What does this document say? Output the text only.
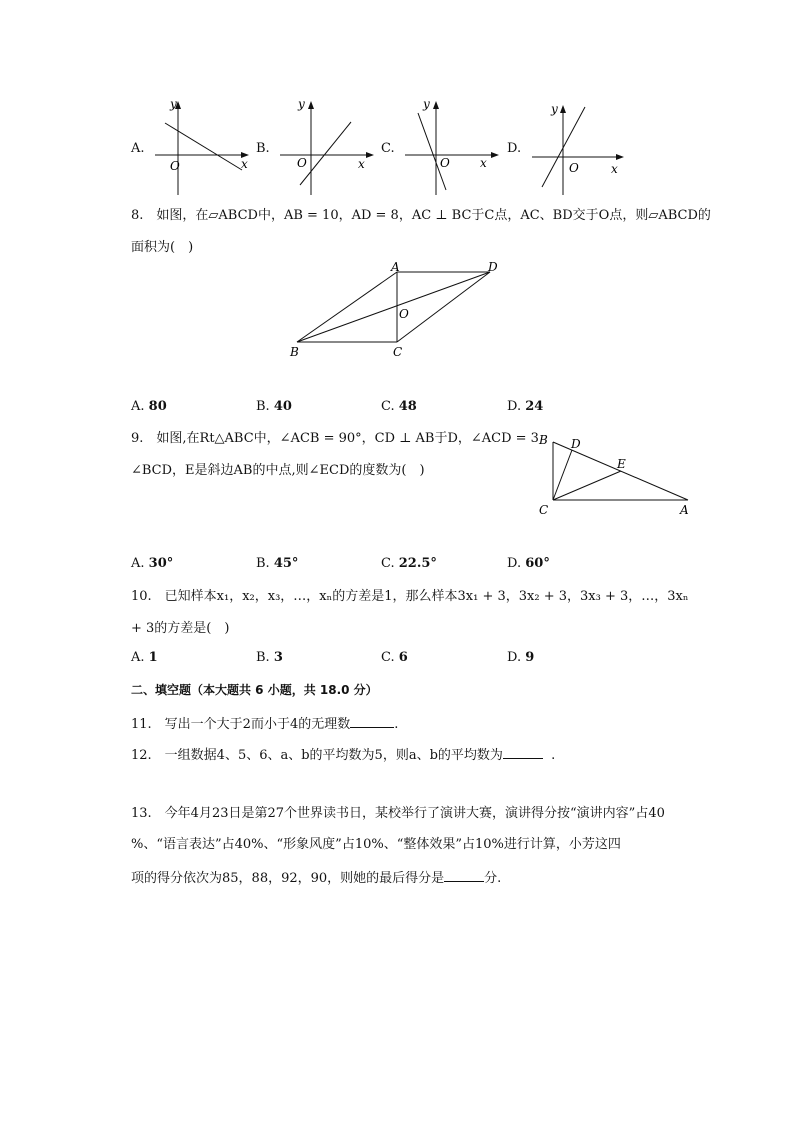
A.
y
x
O
B.
y
x
O
C.
y
x
O
D.
y
x
O
8.　如图，在▱ABCD中，AB = 10，AD = 8，AC ⊥ BC于C点，AC、BD交于O点，则▱ABCD的
面积为(　)
A	D
O
B	C
A. 80	B. 40	C. 48	D. 24
9.　如图,在Rt△ABC中，∠ACB = 90°，CD ⊥ AB于D，∠ACD = 3
∠BCD，E是斜边AB的中点,则∠ECD的度数为(　)
B D
E
C	A
A. 30°	B. 45°	C. 22.5°	D. 60°
10.　已知样本x₁，x₂，x₃，…，xₙ的方差是1，那么样本3x₁ + 3，3x₂ + 3，3x₃ + 3，…，3xₙ
+ 3的方差是(　)
A. 1	B. 3	C. 6	D. 9
二、填空题（本大题共 6 小题，共 18.0 分）
11.　写出一个大于2而小于4的无理数	.
12.　一组数据4、5、6、a、b的平均数为5，则a、b的平均数为	.
13.　今年4月23日是第27个世界读书日，某校举行了演讲大赛，演讲得分按“演讲内容”占40
%、“语言表达”占40%、“形象风度”占10%、“整体效果”占10%进行计算，小芳这四
项的得分依次为85，88，92，90，则她的最后得分是	分.
